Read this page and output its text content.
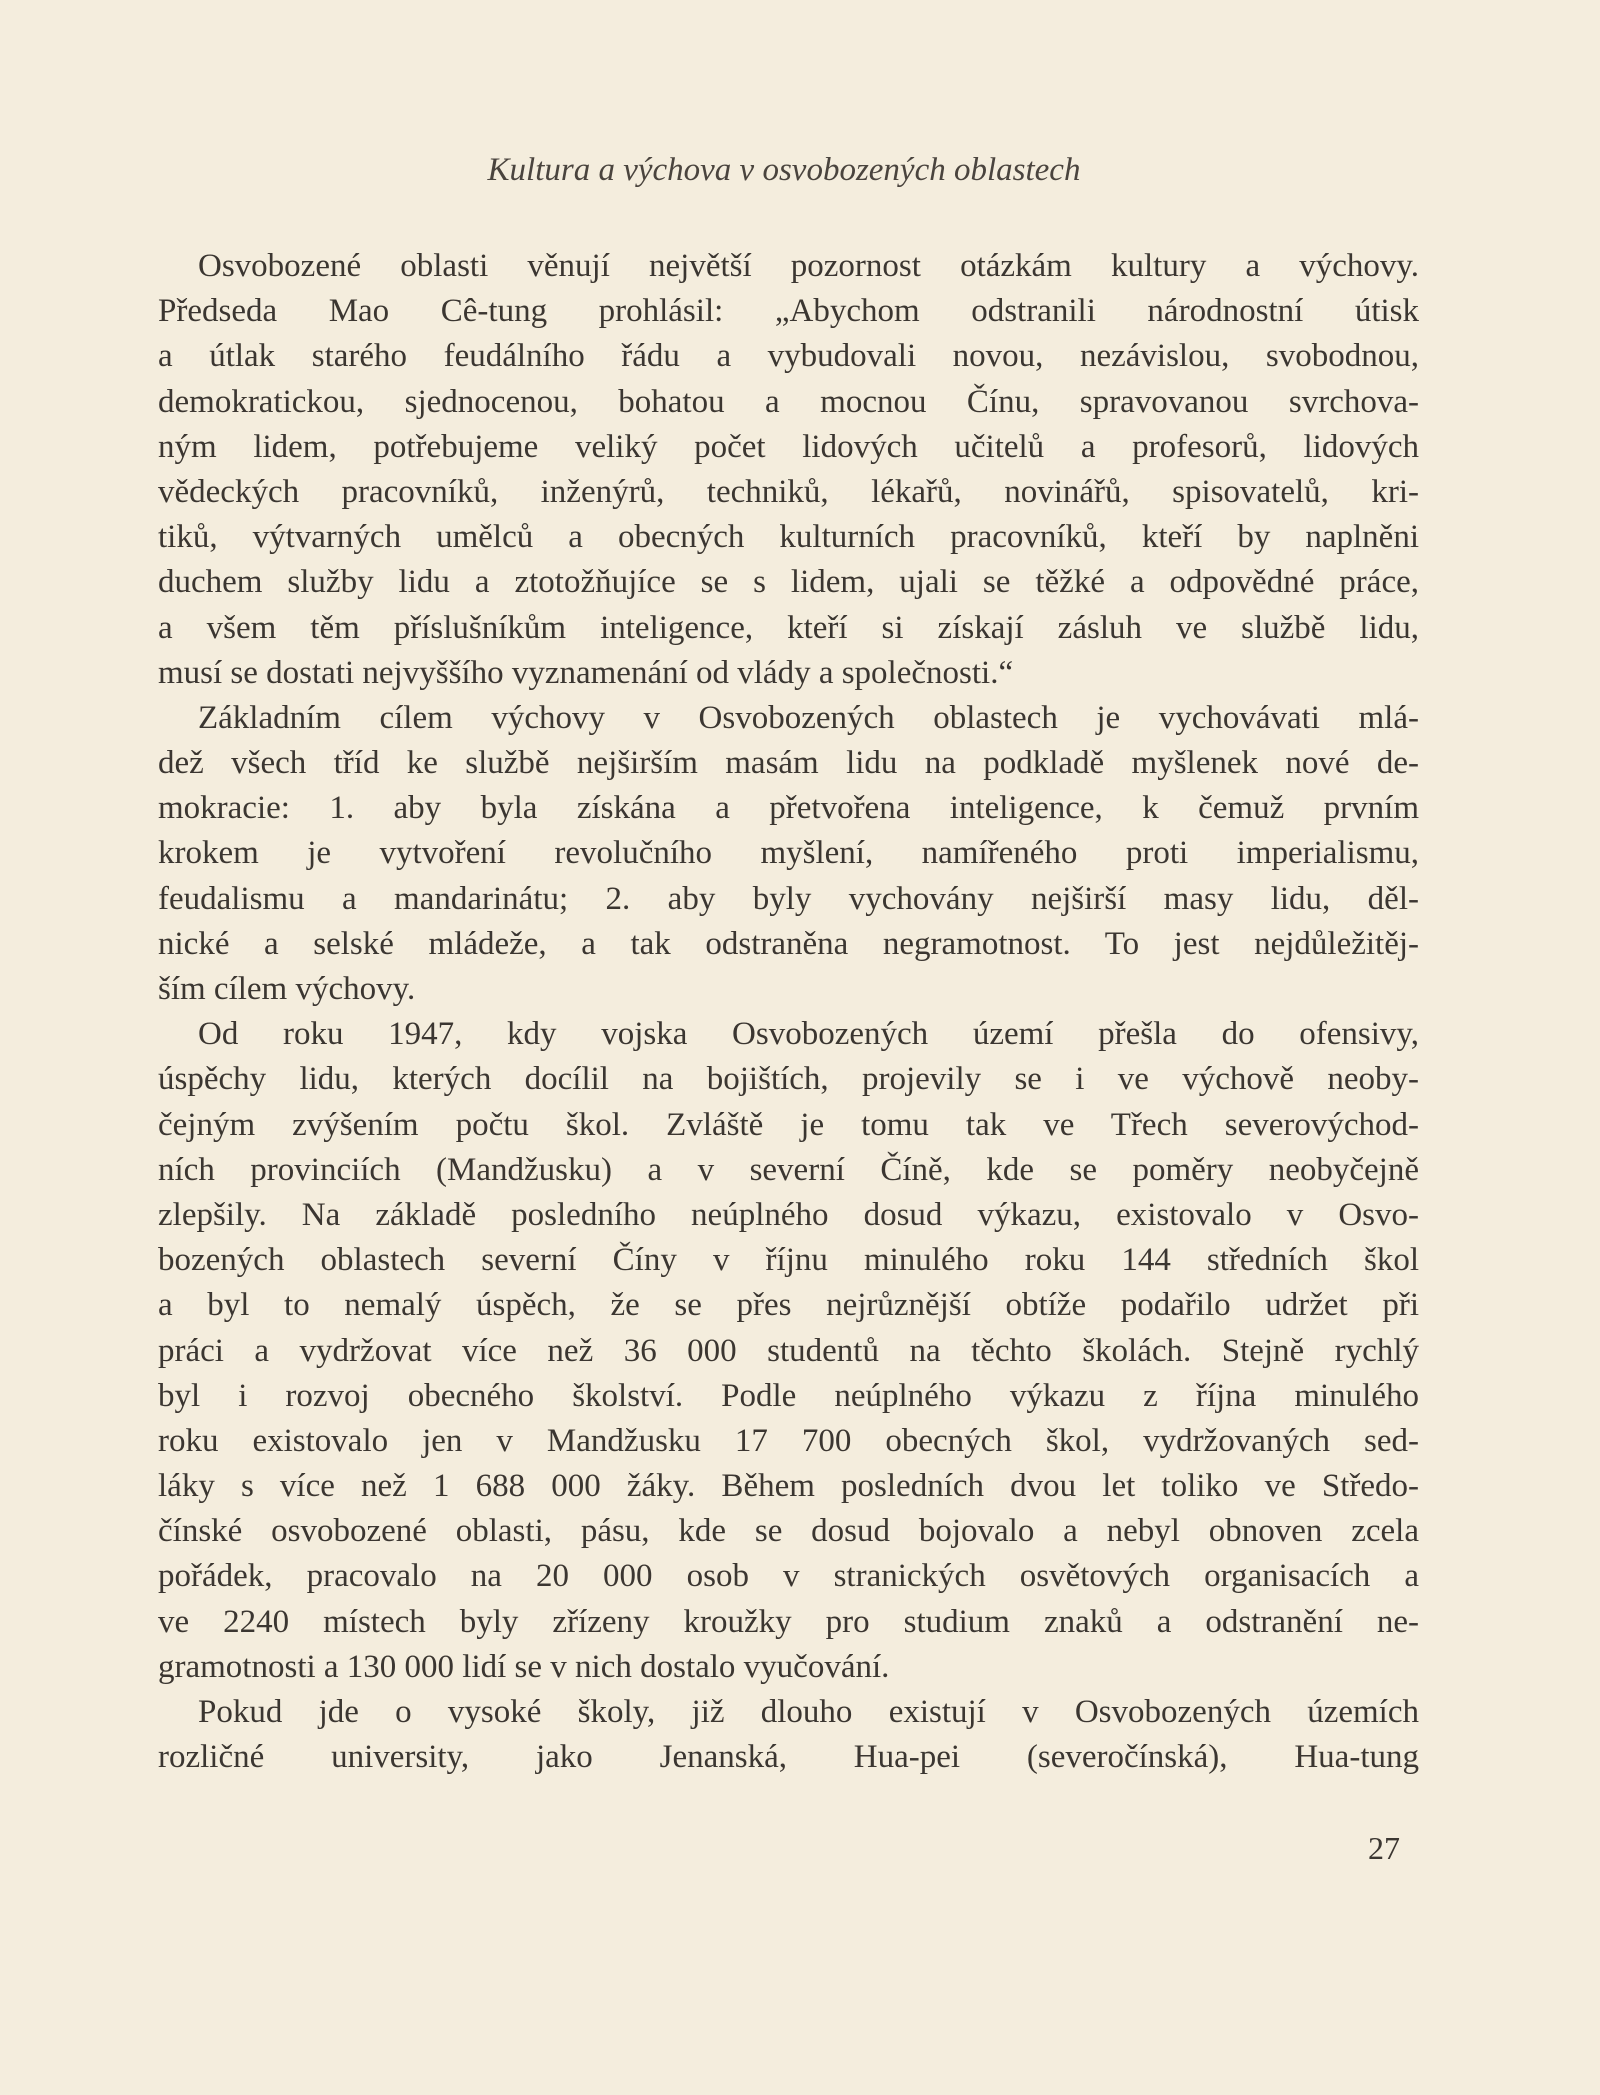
Kultura a výchova v osvobozených oblastech
Osvobozené oblasti věnují největší pozornost otázkám kultury a výchovy.
Předseda Mao Cê-tung prohlásil: „Abychom odstranili národnostní útisk
a útlak starého feudálního řádu a vybudovali novou, nezávislou, svobodnou,
demokratickou, sjednocenou, bohatou a mocnou Čínu, spravovanou svrchova-
ným lidem, potřebujeme veliký počet lidových učitelů a profesorů, lidových
vědeckých pracovníků, inženýrů, techniků, lékařů, novinářů, spisovatelů, kri-
tiků, výtvarných umělců a obecných kulturních pracovníků, kteří by naplněni
duchem služby lidu a ztotožňujíce se s lidem, ujali se těžké a odpovědné práce,
a všem těm příslušníkům inteligence, kteří si získají zásluh ve službě lidu,
musí se dostati nejvyššího vyznamenání od vlády a společnosti.“
Základním cílem výchovy v Osvobozených oblastech je vychovávati mlá-
dež všech tříd ke službě nejširším masám lidu na podkladě myšlenek nové de-
mokracie: 1. aby byla získána a přetvořena inteligence, k čemuž prvním
krokem je vytvoření revolučního myšlení, namířeného proti imperialismu,
feudalismu a mandarinátu; 2. aby byly vychovány nejširší masy lidu, děl-
nické a selské mládeže, a tak odstraněna negramotnost. To jest nejdůležitěj-
ším cílem výchovy.
Od roku 1947, kdy vojska Osvobozených území přešla do ofensivy,
úspěchy lidu, kterých docílil na bojištích, projevily se i ve výchově neoby-
čejným zvýšením počtu škol. Zvláště je tomu tak ve Třech severovýchod-
ních provinciích (Mandžusku) a v severní Číně, kde se poměry neobyčejně
zlepšily. Na základě posledního neúplného dosud výkazu, existovalo v Osvo-
bozených oblastech severní Číny v říjnu minulého roku 144 středních škol
a byl to nemalý úspěch, že se přes nejrůznější obtíže podařilo udržet při
práci a vydržovat více než 36 000 studentů na těchto školách. Stejně rychlý
byl i rozvoj obecného školství. Podle neúplného výkazu z října minulého
roku existovalo jen v Mandžusku 17 700 obecných škol, vydržovaných sed-
láky s více než 1 688 000 žáky. Během posledních dvou let toliko ve Středo-
čínské osvobozené oblasti, pásu, kde se dosud bojovalo a nebyl obnoven zcela
pořádek, pracovalo na 20 000 osob v stranických osvětových organisacích a
ve 2240 místech byly zřízeny kroužky pro studium znaků a odstranění ne-
gramotnosti a 130 000 lidí se v nich dostalo vyučování.
Pokud jde o vysoké školy, již dlouho existují v Osvobozených územích
rozličné university, jako Jenanská, Hua-pei (severočínská), Hua-tung
27
